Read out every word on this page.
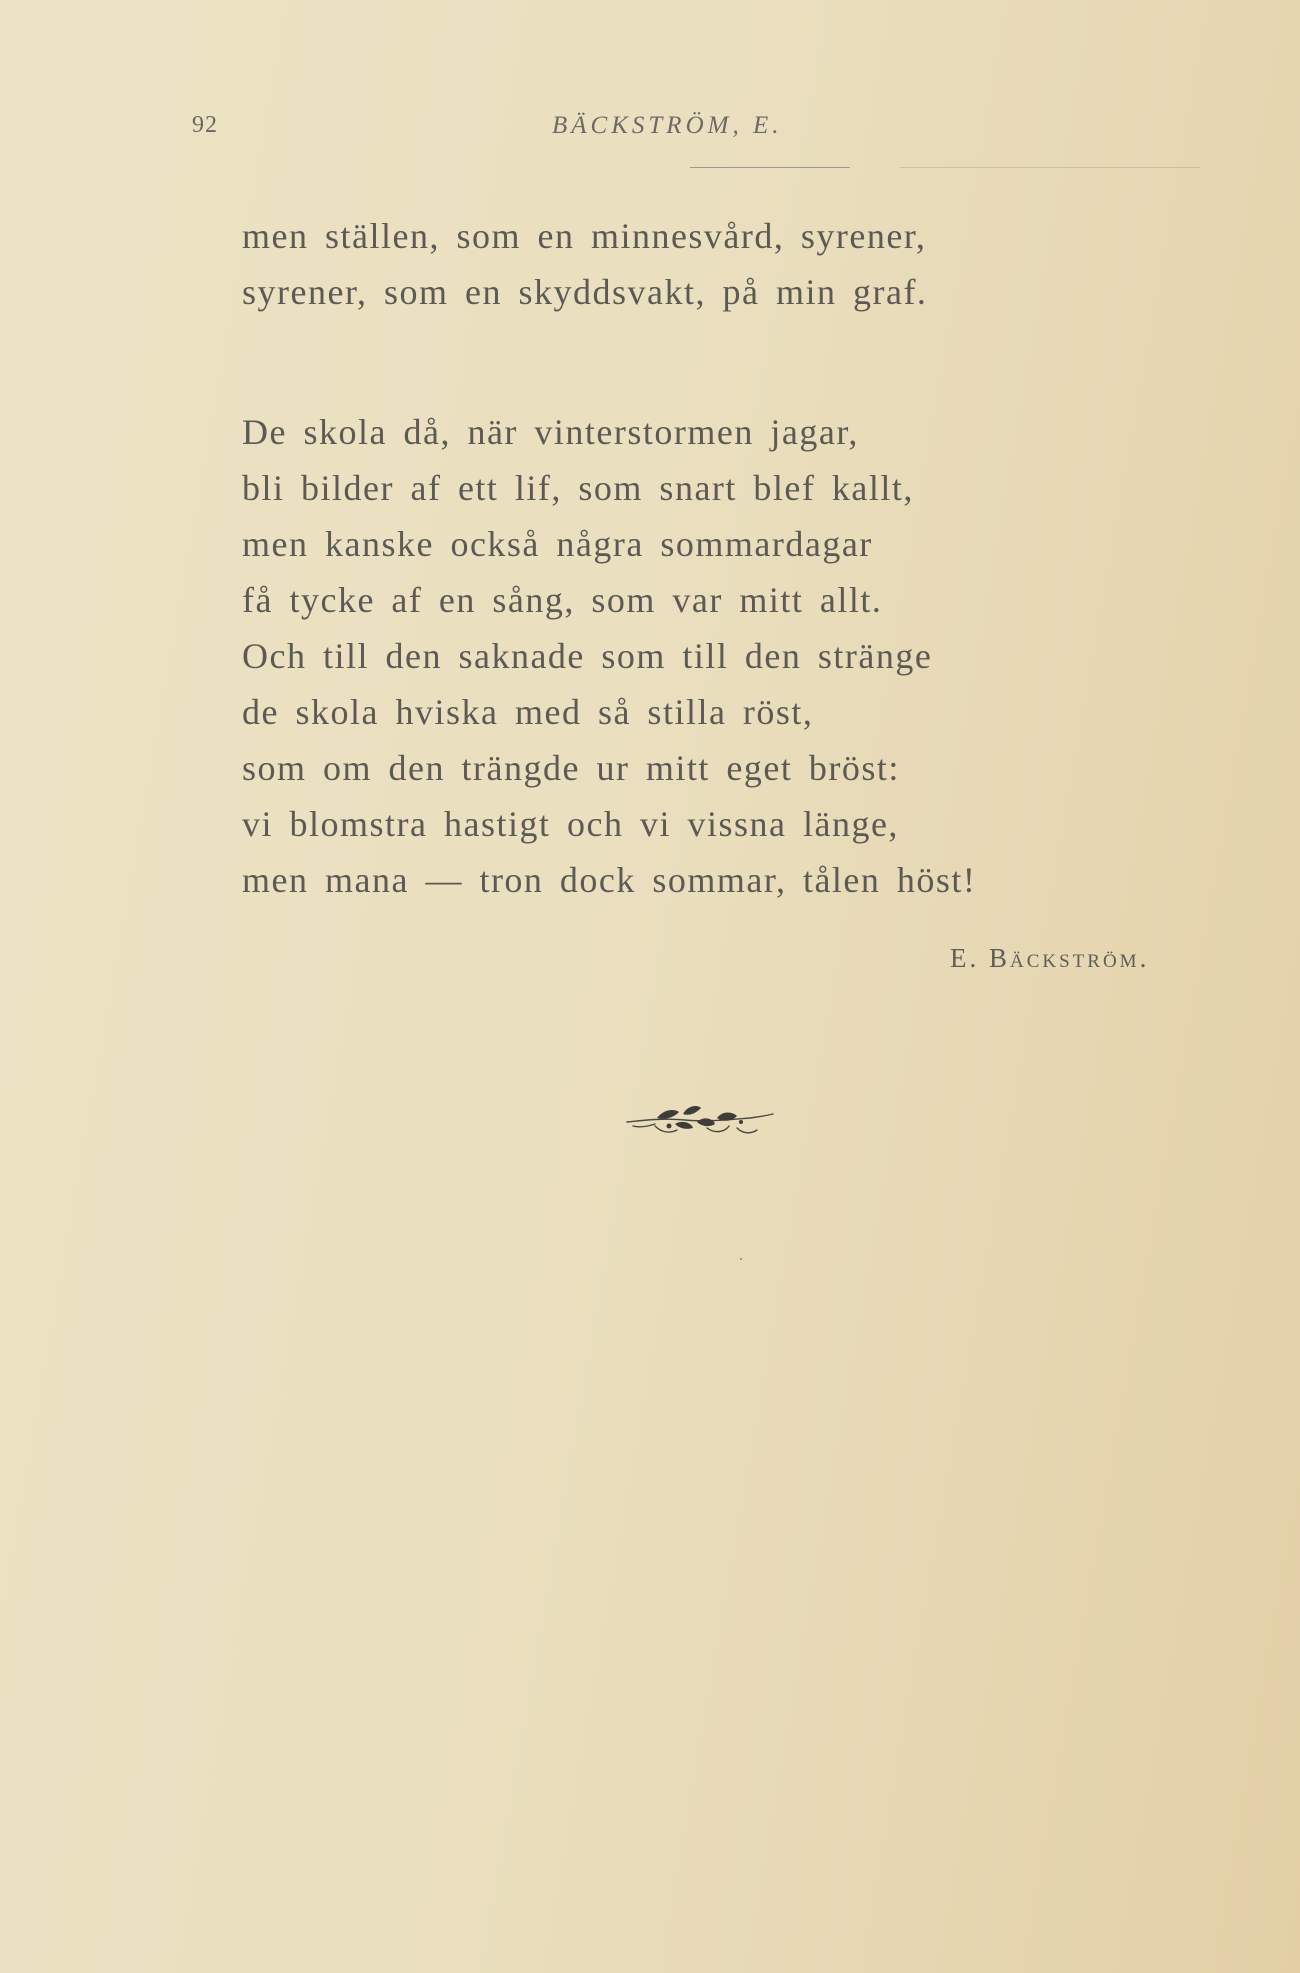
92	BÄCKSTRÖM, E.
men ställen, som en minnesvård, syrener,
syrener, som en skyddsvakt, på min graf.
De skola då, när vinterstormen jagar,
bli bilder af ett lif, som snart blef kallt,
men kanske också några sommardagar
få tycke af en sång, som var mitt allt.
Och till den saknade som till den stränge
de skola hviska med så stilla röst,
som om den trängde ur mitt eget bröst:
vi blomstra hastigt och vi vissna länge,
men mana — tron dock sommar, tålen höst!
E. Bäckström.
